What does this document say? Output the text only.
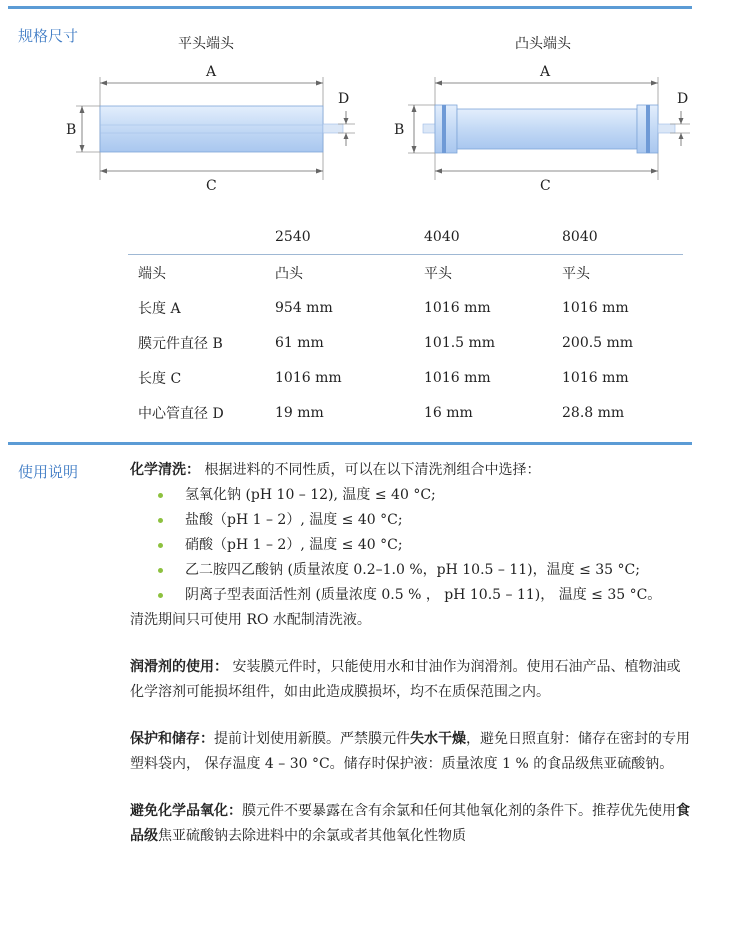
规格尺寸	平头端头	凸头端头
A
B
D
C
A
B
D
C
	2540	4040	8040
端头	凸头	平头	平头
长度 A	954 mm	1016 mm	1016 mm
膜元件直径 B	61 mm	101.5 mm	200.5 mm
长度 C	1016 mm	1016 mm	1016 mm
中心管直径 D	19 mm	16 mm	28.8 mm
使用说明	化学清洗： 根据进料的不同性质，可以在以下清洗剂组合中选择：

氢氧化钠 (pH 10 – 12), 温度 ≤ 40 °C;
盐酸（pH 1 – 2）, 温度 ≤ 40 °C;
硝酸（pH 1 – 2）, 温度 ≤ 40 °C;
乙二胺四乙酸钠 (质量浓度 0.2–1.0 %，pH 10.5 – 11)，温度 ≤ 35 °C;
阴离子型表面活性剂 (质量浓度 0.5 % ， pH 10.5 – 11)， 温度 ≤ 35 °C。

清洗期间只可使用 RO 水配制清洗液。

润滑剂的使用： 安装膜元件时，只能使用水和甘油作为润滑剂。使用石油产品、植物油或化学溶剂可能损坏组件，如由此造成膜损坏，均不在质保范围之内。

保护和储存：提前计划使用新膜。严禁膜元件失水干燥，避免日照直射：储存在密封的专用塑料袋内， 保存温度 4 – 30 °C。储存时保护液：质量浓度 1 % 的食品级焦亚硫酸钠。

避免化学品氧化：膜元件不要暴露在含有余氯和任何其他氧化剂的条件下。推荐优先使用食品级焦亚硫酸钠去除进料中的余氯或者其他氧化性物质
